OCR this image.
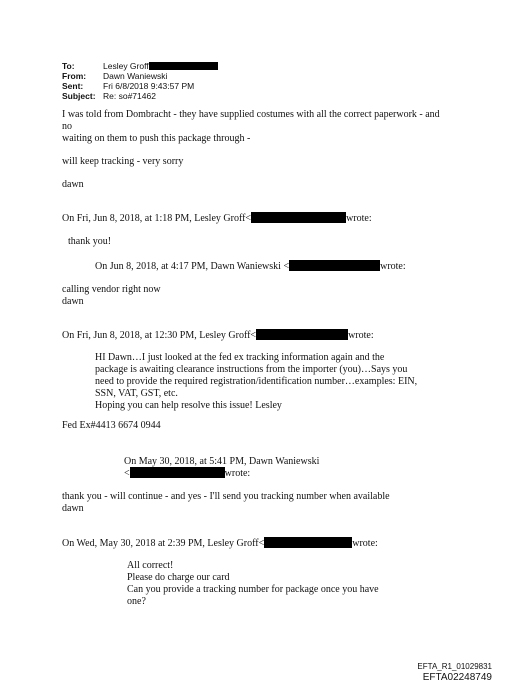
To:	Lesley Groff
From: Dawn Waniewski
Sent: Fri 6/8/2018 9:43:57 PM
Subject: Re: so#71462
I was told from Dombracht - they have supplied costumes with all the correct paperwork - and
no
waiting on them to push this package through -
will keep tracking - very sorry
dawn
On Fri, Jun 8, 2018, at 1:18 PM, Lesley Groff<	wrote:
thank you!
On Jun 8, 2018, at 4:17 PM, Dawn Waniewski <	wrote:
calling vendor right now
dawn
On Fri, Jun 8, 2018, at 12:30 PM, Lesley Groff<	wrote:
HI Dawn…I just looked at the fed ex tracking information again and the
package is awaiting clearance instructions from the importer (you)…Says you
need to provide the required registration/identification number…examples: EIN,
SSN, VAT, GST, etc.
Hoping you can help resolve this issue! Lesley
Fed Ex#4413 6674 0944
On May 30, 2018, at 5:41 PM, Dawn Waniewski
<	wrote:
thank you - will continue - and yes - I'll send you tracking number when available
dawn
On Wed, May 30, 2018 at 2:39 PM, Lesley Groff<	wrote:
All correct!
Please do charge our card
Can you provide a tracking number for package once you have
one?
EFTA_R1_01029831
EFTA02248749
